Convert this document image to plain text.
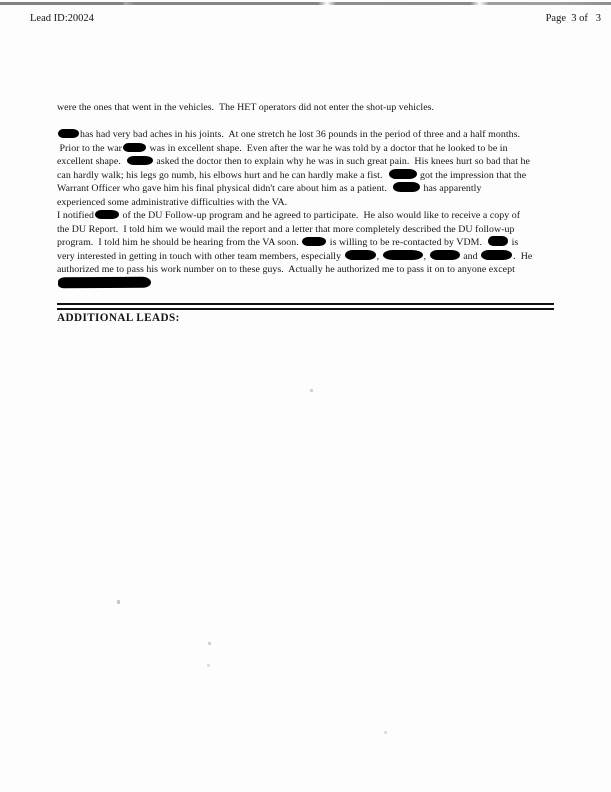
Lead ID:20024	Page  3 of   3
were the ones that went in the vehicles.  The HET operators did not enter the shot-up vehicles.
has had very bad aches in his joints.  At one stretch he lost 36 pounds in the period of three and a half months.
Prior to the war	was in excellent shape.  Even after the war he was told by a doctor that he looked to be in
excellent shape.	asked the doctor then to explain why he was in such great pain.  His knees hurt so bad that he
can hardly walk; his legs go numb, his elbows hurt and he can hardly make a fist.	got the impression that the
Warrant Officer who gave him his final physical didn't care about him as a patient.	has apparently
experienced some administrative difficulties with the VA.
I notified	of the DU Follow-up program and he agreed to participate.  He also would like to receive a copy of
the DU Report.  I told him we would mail the report and a letter that more completely described the DU follow-up
program.  I told him he should be hearing from the VA soon.	is willing to be re-contacted by VDM.   is
very interested in getting in touch with other team members, especially	,	,	and	.  He
authorized me to pass his work number on to these guys.  Actually he authorized me to pass it on to anyone except
ADDITIONAL LEADS:
